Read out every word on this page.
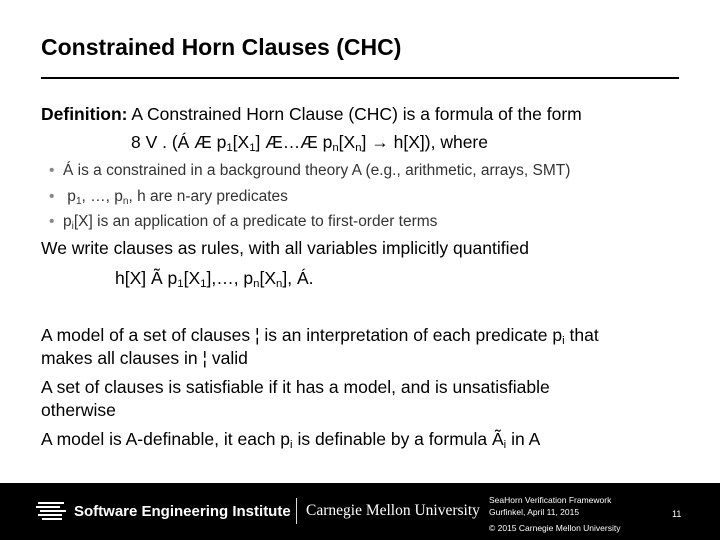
Constrained Horn Clauses (CHC)
Definition: A Constrained Horn Clause (CHC) is a formula of the form
8 V . (Á Æ $p_1[X_1]$ Æ…Æ $p_n[X_n] \to h[X]$), where
• Á is a constrained in a background theory A (e.g., arithmetic, arrays, SMT)
• $p_1$, …, $p_n$, h are n-ary predicates
• $p_i[X]$ is an application of a predicate to first-order terms
We write clauses as rules, with all variables implicitly quantified
h[X] Ã $p_1[X_1],\dots$, $p_n[X_n]$, Á.
A model of a set of clauses ¦ is an interpretation of each predicate $p_i$ that
makes all clauses in ¦ valid
A set of clauses is satisfiable if it has a model, and is unsatisfiable
otherwise
A model is A-definable, it each $p_i$ is definable by a formula $Ã_i$ in A
Software Engineering Institute Carnegie Mellon University
SeaHorn Verification Framework
Gurfinkel, April 11, 2015
© 2015 Carnegie Mellon University
11
